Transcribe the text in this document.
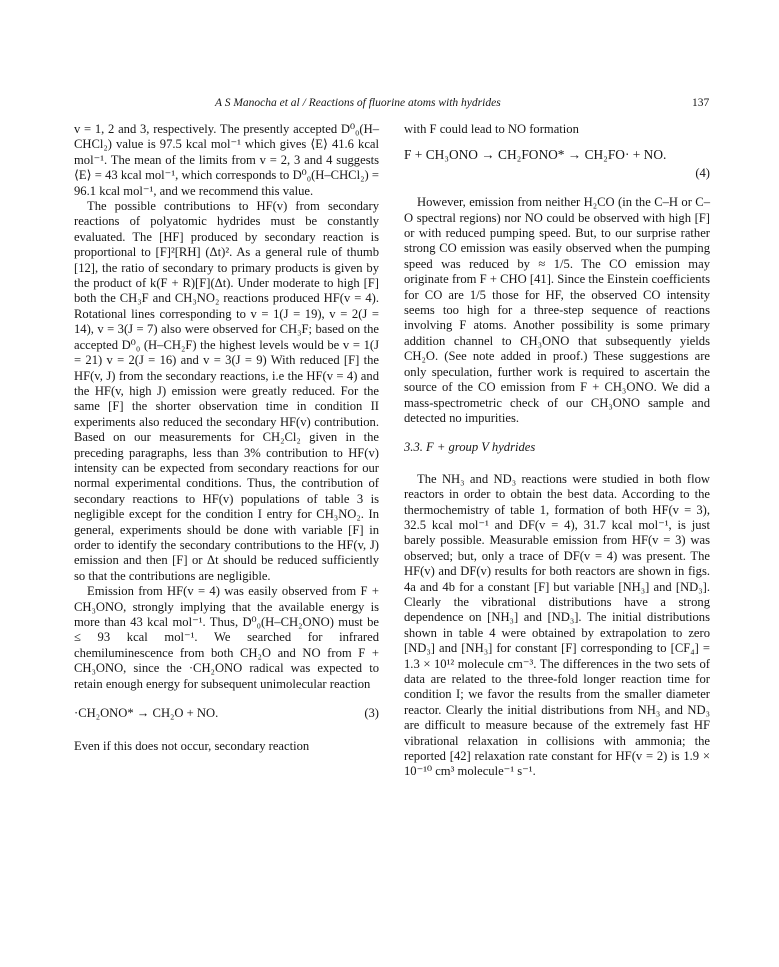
A S Manocha et al / Reactions of fluorine atoms with hydrides	137

v = 1, 2 and 3, respectively. The presently accepted D⁰₀(H–CHCl₂) value is 97.5 kcal mol⁻¹ which gives ⟨E⟩ 41.6 kcal mol⁻¹. The mean of the limits from v = 2, 3 and 4 suggests ⟨E⟩ = 43 kcal mol⁻¹, which corresponds to D⁰₀(H–CHCl₂) = 96.1 kcal mol⁻¹, and we recommend this value.

The possible contributions to HF(v) from secondary reactions of polyatomic hydrides must be constantly evaluated. The [HF] produced by secondary reaction is proportional to [F]²[RH] (Δt)². As a general rule of thumb [12], the ratio of secondary to primary products is given by the product of k(F + R)[F](Δt). Under moderate to high [F] both the CH₃F and CH₃NO₂ reactions produced HF(v = 4). Rotational lines corresponding to v = 1(J = 19), v = 2(J = 14), v = 3(J = 7) also were observed for CH₃F; based on the accepted D⁰₀ (H–CH₂F) the highest levels would be v = 1(J = 21) v = 2(J = 16) and v = 3(J = 9) With reduced [F] the HF(v, J) from the secondary reactions, i.e the HF(v = 4) and the HF(v, high J) emission were greatly reduced. For the same [F] the shorter observation time in condition II experiments also reduced the secondary HF(v) contribution. Based on our measurements for CH₂Cl₂ given in the preceding paragraphs, less than 3% contribution to HF(v) intensity can be expected from secondary reactions for our normal experimental conditions. Thus, the contribution of secondary reactions to HF(v) populations of table 3 is negligible except for the condition I entry for CH₃NO₂. In general, experiments should be done with variable [F] in order to identify the secondary contributions to the HF(v, J) emission and then [F] or Δt should be reduced sufficiently so that the contributions are negligible.

Emission from HF(v = 4) was easily observed from F + CH₃ONO, strongly implying that the available energy is more than 43 kcal mol⁻¹. Thus, D⁰₀(H–CH₂ONO) must be ≤ 93 kcal mol⁻¹. We searched for infrared chemiluminescence from both CH₂O and NO from F + CH₃ONO, since the ·CH₂ONO radical was expected to retain enough energy for subsequent unimolecular reaction

·CH₂ONO* → CH₂O + NO.	(3)

Even if this does not occur, secondary reaction

with F could lead to NO formation

F + CH₃ONO → CH₂FONO* → CH₂FO· + NO.
(4)

However, emission from neither H₂CO (in the C–H or C–O spectral regions) nor NO could be observed with high [F] or with reduced pumping speed. But, to our surprise rather strong CO emission was easily observed when the pumping speed was reduced by ≈ 1/5. The CO emission may originate from F + CHO [41]. Since the Einstein coefficients for CO are 1/5 those for HF, the observed CO intensity seems too high for a three-step sequence of reactions involving F atoms. Another possibility is some primary addition channel to CH₃ONO that subsequently yields CH₂O. (See note added in proof.) These suggestions are only speculation, further work is required to ascertain the source of the CO emission from F + CH₃ONO. We did a mass-spectrometric check of our CH₃ONO sample and detected no impurities.

3.3. F + group V hydrides

The NH₃ and ND₃ reactions were studied in both flow reactors in order to obtain the best data. According to the thermochemistry of table 1, formation of both HF(v = 3), 32.5 kcal mol⁻¹ and DF(v = 4), 31.7 kcal mol⁻¹, is just barely possible. Measurable emission from HF(v = 3) was observed; but, only a trace of DF(v = 4) was present. The HF(v) and DF(v) results for both reactors are shown in figs. 4a and 4b for a constant [F] but variable [NH₃] and [ND₃]. Clearly the vibrational distributions have a strong dependence on [NH₃] and [ND₃]. The initial distributions shown in table 4 were obtained by extrapolation to zero [ND₃] and [NH₃] for constant [F] corresponding to [CF₄] = 1.3 × 10¹² molecule cm⁻³. The differences in the two sets of data are related to the three-fold longer reaction time for condition I; we favor the results from the smaller diameter reactor. Clearly the initial distributions from NH₃ and ND₃ are difficult to measure because of the extremely fast HF vibrational relaxation in collisions with ammonia; the reported [42] relaxation rate constant for HF(v = 2) is 1.9 × 10⁻¹⁰ cm³ molecule⁻¹ s⁻¹.
